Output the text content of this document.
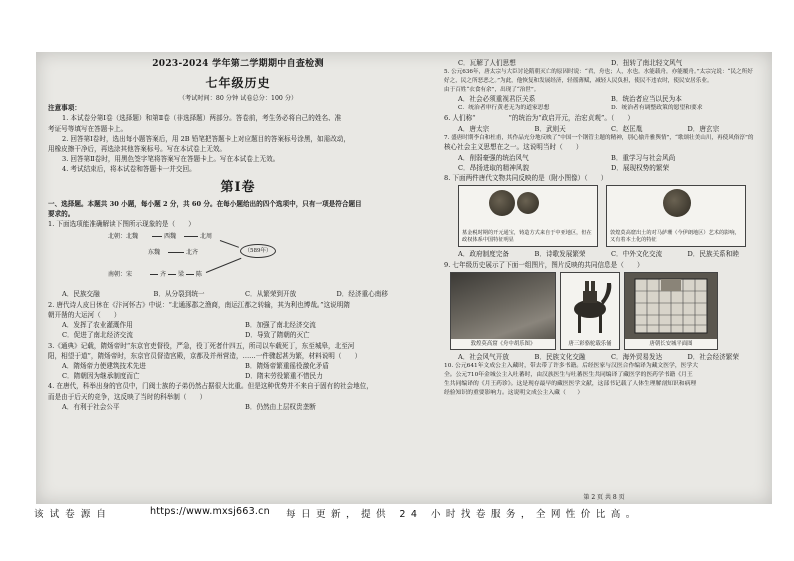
2023-2024 学年第二学期期中自查检测
七年级历史
（考试时间：80 分钟 试卷总分：100 分）

注意事项：

1. 本试卷分第Ⅰ卷（选择题）和第Ⅱ卷（非选择题）两部分。答卷前，考生务必将自己的姓名、准

考证号等填写在答题卡上。

2. 回答第Ⅰ卷时，选出每小题答案后，用 2B 铅笔把答题卡上对应题目的答案标号涂黑，如需改动，

用橡皮擦干净后，再选涂其他答案标号。写在本试卷上无效。

3. 回答第Ⅱ卷时，用黑色签字笔将答案写在答题卡上。写在本试卷上无效。

4. 考试结束后，将本试卷和答题卡一并交回。

第Ⅰ卷

一、选择题。本题共 30 小题，每小题 2 分，共 60 分。在每小题给出的四个选项中，只有一项是符合题目

要求的。

1. 下面选项能准确解读下图所示现象的是（　　）

北朝：北魏	西魏	北周
东魏	北齐	（589年）
南朝：宋	齐 梁 陈
A．民族交融	B．从分裂到统一	C．从繁荣到开放	D．经济重心南移

2. 唐代诗人皮日休在《汴河怀古》中说：“北通涿郡之渔商，南运江都之转输，其为利也博哉。”这说明隋

朝开凿的大运河（　　）

A．发挥了农业灌溉作用	B．加强了南北经济交流
C．促进了南北经济交流	D．导致了隋朝的灭亡

3.《通典》记载，隋炀帝时“东京官吏督役，严急，役丁死者什四五，所司以车载死丁，东至城皋，北至河

阳，相望于道”，隋炀帝时，东京官员督造宫殿，京都及并州营造，……一件骤起甚为繁，材料说明（　　）

A．隋炀帝力使建筑技术先进	B．隋炀帝繁重徭役激化矛盾
C．隋朝因为继承制度而亡	D．隋末劳役繁重不惜民力

4. 在唐代，科举出身的官员中，门阀士族的子弟仍然占据很大比重。但是这种优势并不来自于固有的社会地位，

而是由于后天的竞争，这反映了当时的科举制（　　）

A．有利于社会公平	B．仍然由上层权贵垄断
C．瓦解了人们思想	D．扭转了南北轻文风气

5. 公元636年，唐太宗与大臣讨论隋朝灭亡的原因时说：“君，舟也；人，水也。水能载舟，亦能覆舟。”太宗完说：“民之所好

好之，民之所恶恶之。”为此，他恢复和发展经济，轻徭薄赋，减轻人民负担，使民不违农时，使民安居乐业。

由于百姓“衣食有余”，出现了“治世”。

A．社会必须重视君臣关系	B．统治者应当以民为本
C．统治者审行黄老无为的道家思想	D．统治者有调整政策的愿望和要求

6. 人们称“　　　　　”的统治为“政启开元，治宏贞观”。（　　）

A．唐太宗	B．武则天	C．赵匡胤	D．唐玄宗

7. 盛唐时期李白和杜甫，其作品充分地反映了“中国一个钢管主题的精神，别心愉升雅舆情”，“歌颂壮美山川，再使风俗淳”的

核心社会主义思想在之一。这说明当时（　　）

A．削弱豪强的统治风气	B．重学习与社会风尚
C．昂扬进取的精神风貌	D．展现权势的繁荣

8. 下面两件唐代文物共同反映的是（附小图像）（　　）

墓金税时期的开元通宝，铸造方式来自于中亚地区，但在政权体系中国特征明显
敦煌莫高窟出土的对马萨珊（今伊朗地区）艺术的影响，又有着本土化的特征
A．政府制度完备	B．诗歌发展繁荣	C．中外文化交流	D．民族关系和睦

9. 七年级历史展示了下面一组图片，图片反映的共同信息是（　　）

敦煌莫高窟《舟中胡乐图》	唐三彩骆驼载乐俑	唐朝长安城平面图
A．社会风气开放	B．民族文化交融	C．海外贸易发达	D．社会经济繁荣

10. 公元641年文成公主入藏时，带去带了许多书籍。后经医家与汉医合作编译为藏文医学，医学大

全。公元710年金城公主入吐蕃时，由汉族医生与吐蕃医生共同编译了藏医学的医药学书籍《月王

生共同编译的《月王药诊》。这是现存最早的藏医医学文献，这部书记载了人体生理解剖知识和病理

经验知识的重要影响力。这说明文成公主入藏（　　）

第 2 页 共 8 页
该试卷源自	https://www.mxsj663.cn 每日更新，提供 24 小时找卷服务，全网性价比高。
